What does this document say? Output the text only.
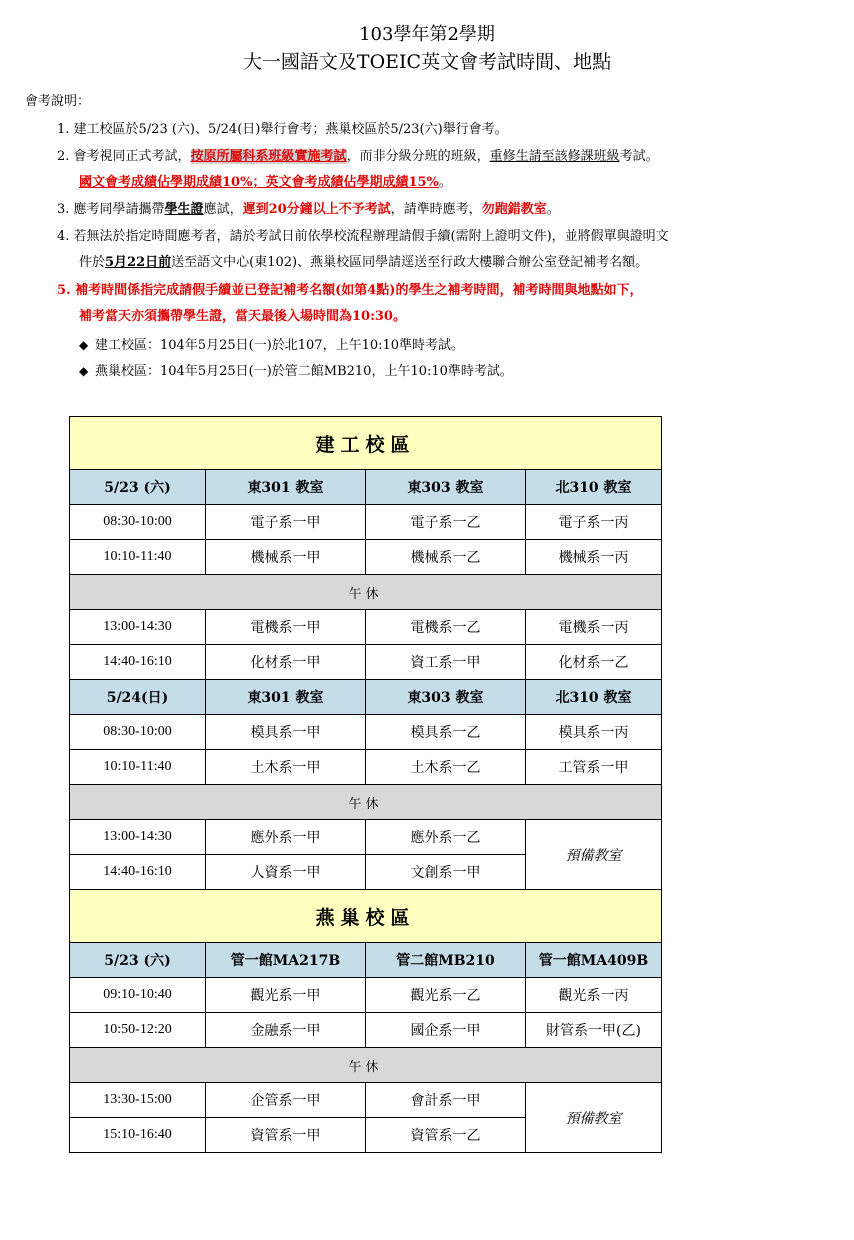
103學年第2學期
大一國語文及TOEIC英文會考試時間、地點
會考說明：
1. 建工校區於5/23 (六)、5/24(日)舉行會考；燕巢校區於5/23(六)舉行會考。
2. 會考視同正式考試，按原所屬科系班級實施考試，而非分級分班的班級，重修生請至該修課班級考試。
國文會考成績佔學期成績10%；英文會考成績佔學期成績15%。
3. 應考同學請攜帶學生證應試，遲到20分鐘以上不予考試，請準時應考，勿跑錯教室。
4. 若無法於指定時間應考者，請於考試日前依學校流程辦理請假手續(需附上證明文件)，並將假單與證明文
件於5月22日前送至語文中心(東102)、燕巢校區同學請逕送至行政大樓聯合辦公室登記補考名額。
5. 補考時間係指完成請假手續並已登記補考名額(如第4點)的學生之補考時間，補考時間與地點如下，
補考當天亦須攜帶學生證，當天最後入場時間為10:30。
◆ 建工校區：104年5月25日(一)於北107，上午10:10準時考試。
◆ 燕巢校區：104年5月25日(一)於管二館MB210，上午10:10準時考試。
建工校區			
5/23 (六)	東301 教室	東303 教室	北310 教室
08:30-10:00	電子系一甲	電子系一乙	電子系一丙
10:10-11:40	機械系一甲	機械系一乙	機械系一丙
午休			
13:00-14:30	電機系一甲	電機系一乙	電機系一丙
14:40-16:10	化材系一甲	資工系一甲	化材系一乙
5/24(日)	東301 教室	東303 教室	北310 教室
08:30-10:00	模具系一甲	模具系一乙	模具系一丙
10:10-11:40	土木系一甲	土木系一乙	工管系一甲
午休			
13:00-14:30	應外系一甲	應外系一乙	預備教室
14:40-16:10	人資系一甲	文創系一甲	
燕巢校區			
5/23 (六)	管一館MA217B	管二館MB210	管一館MA409B
09:10-10:40	觀光系一甲	觀光系一乙	觀光系一丙
10:50-12:20	金融系一甲	國企系一甲	財管系一甲(乙)
午休			
13:30-15:00	企管系一甲	會計系一甲	預備教室
15:10-16:40	資管系一甲	資管系一乙	
